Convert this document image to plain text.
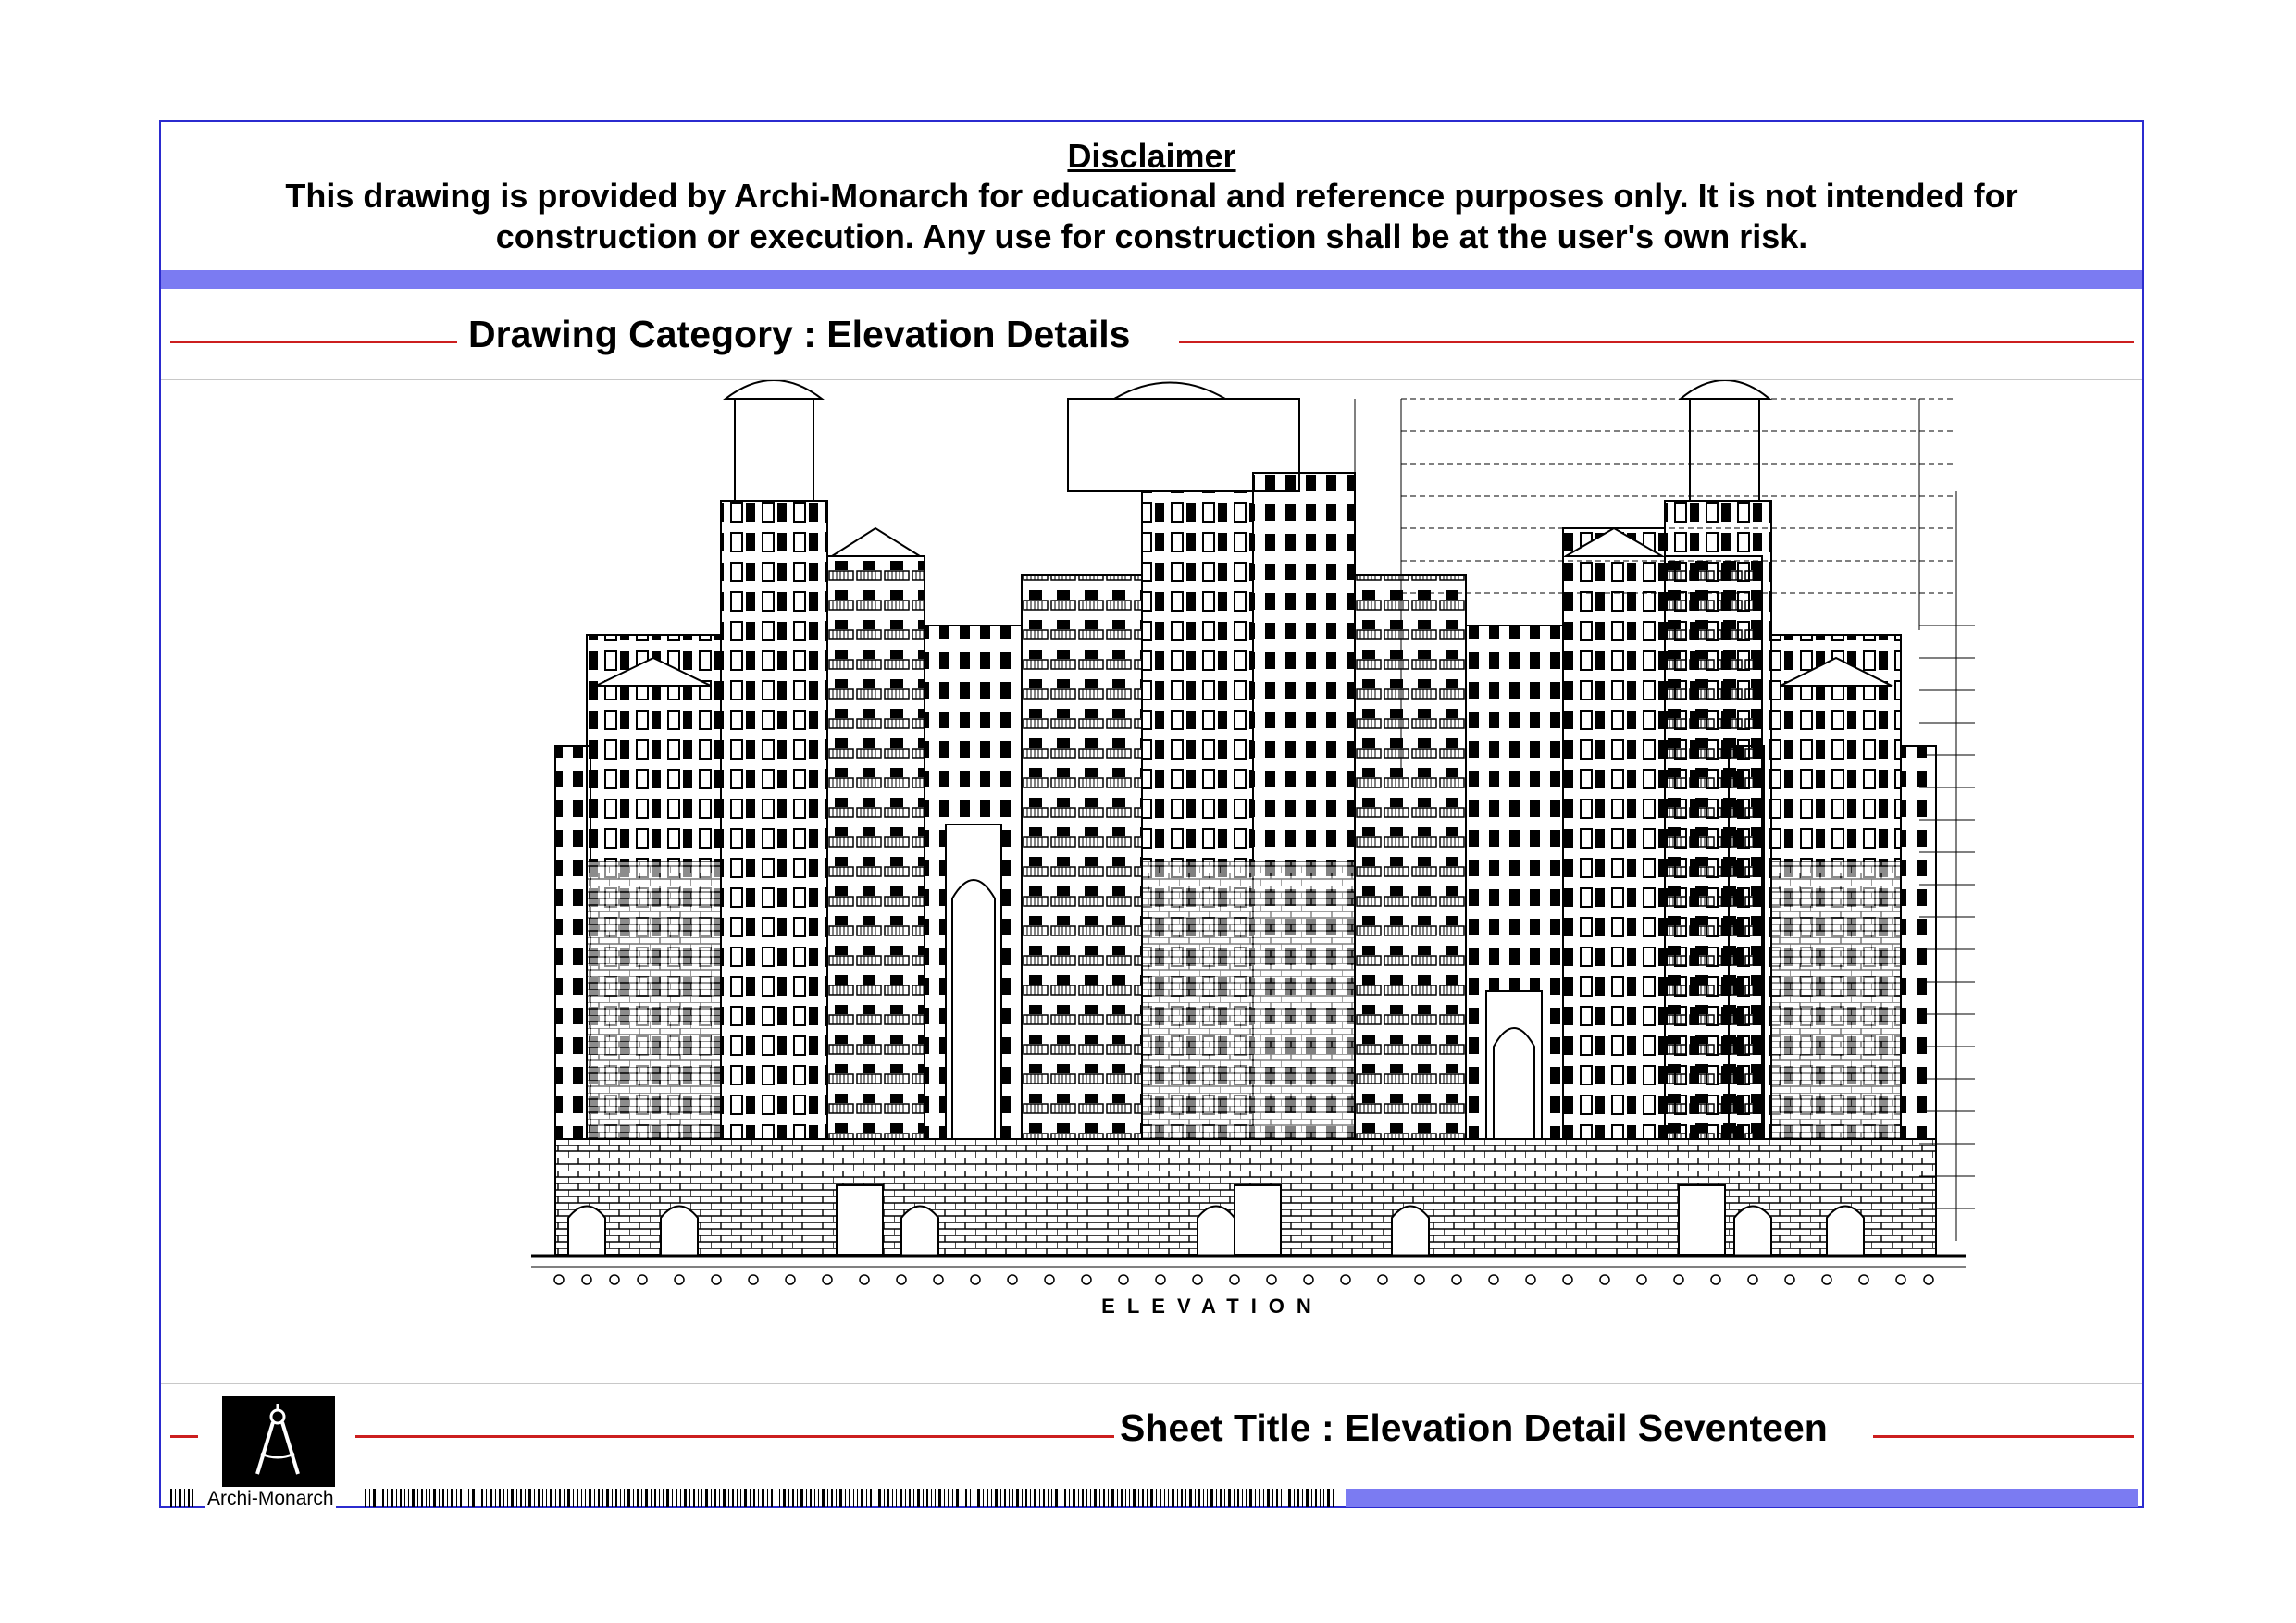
Disclaimer
This drawing is provided by Archi-Monarch for educational and reference purposes only. It is not intended for construction or execution. Any use for construction shall be at the user's own risk.
Drawing Category : Elevation Details
ELEVATION
Sheet Title : Elevation Detail Seventeen
Archi-Monarch
